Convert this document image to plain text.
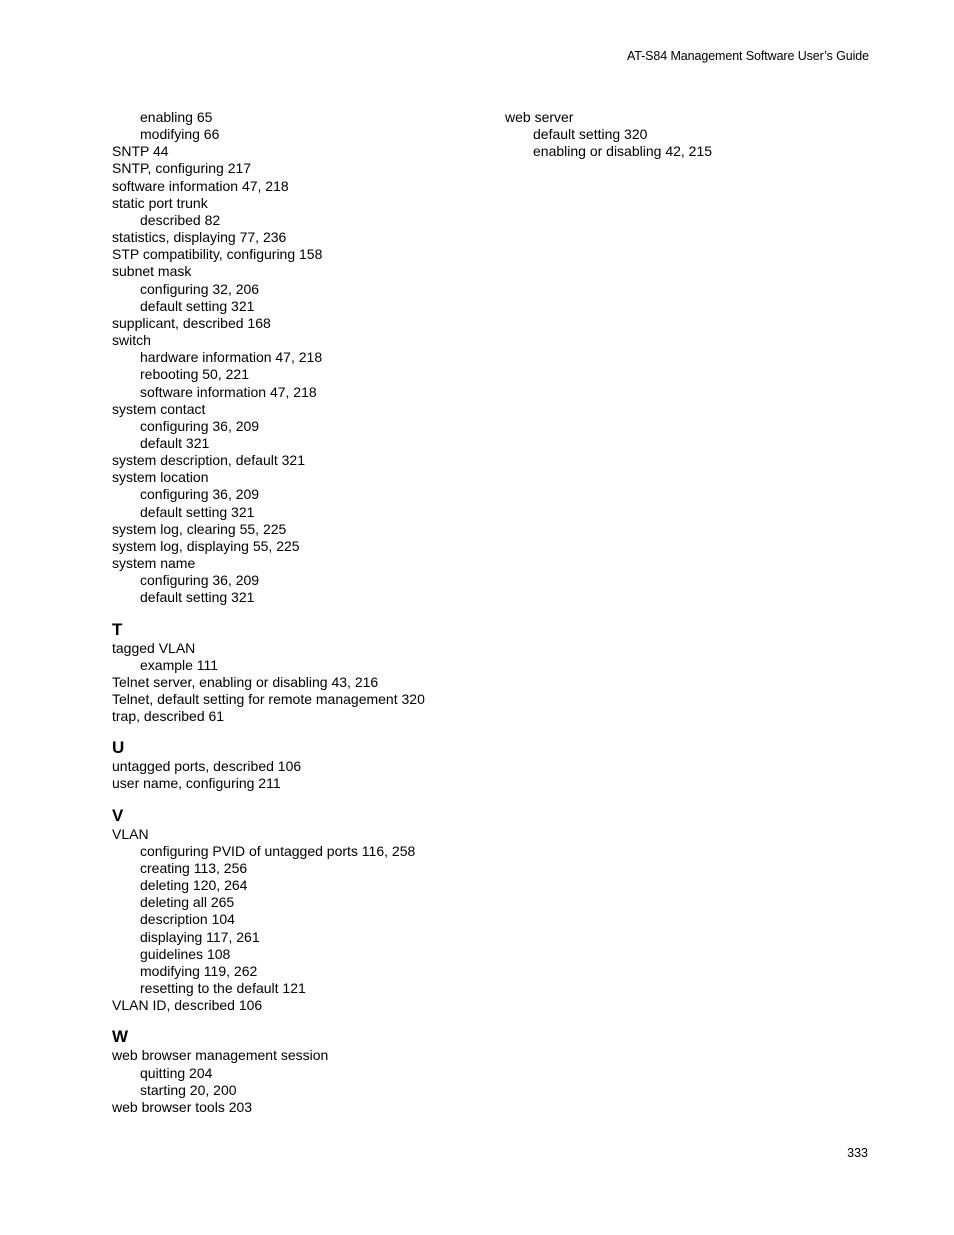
AT-S84 Management Software User’s Guide
enabling 65
modifying 66
SNTP 44
SNTP, configuring 217
software information 47, 218
static port trunk
described 82
statistics, displaying 77, 236
STP compatibility, configuring 158
subnet mask
configuring 32, 206
default setting 321
supplicant, described 168
switch
hardware information 47, 218
rebooting 50, 221
software information 47, 218
system contact
configuring 36, 209
default 321
system description, default 321
system location
configuring 36, 209
default setting 321
system log, clearing 55, 225
system log, displaying 55, 225
system name
configuring 36, 209
default setting 321
T
tagged VLAN
example 111
Telnet server, enabling or disabling 43, 216
Telnet, default setting for remote management 320
trap, described 61
U
untagged ports, described 106
user name, configuring 211
V
VLAN
configuring PVID of untagged ports 116, 258
creating 113, 256
deleting 120, 264
deleting all 265
description 104
displaying 117, 261
guidelines 108
modifying 119, 262
resetting to the default 121
VLAN ID, described 106
W
web browser management session
quitting 204
starting 20, 200
web browser tools 203
web server
default setting 320
enabling or disabling 42, 215
333
